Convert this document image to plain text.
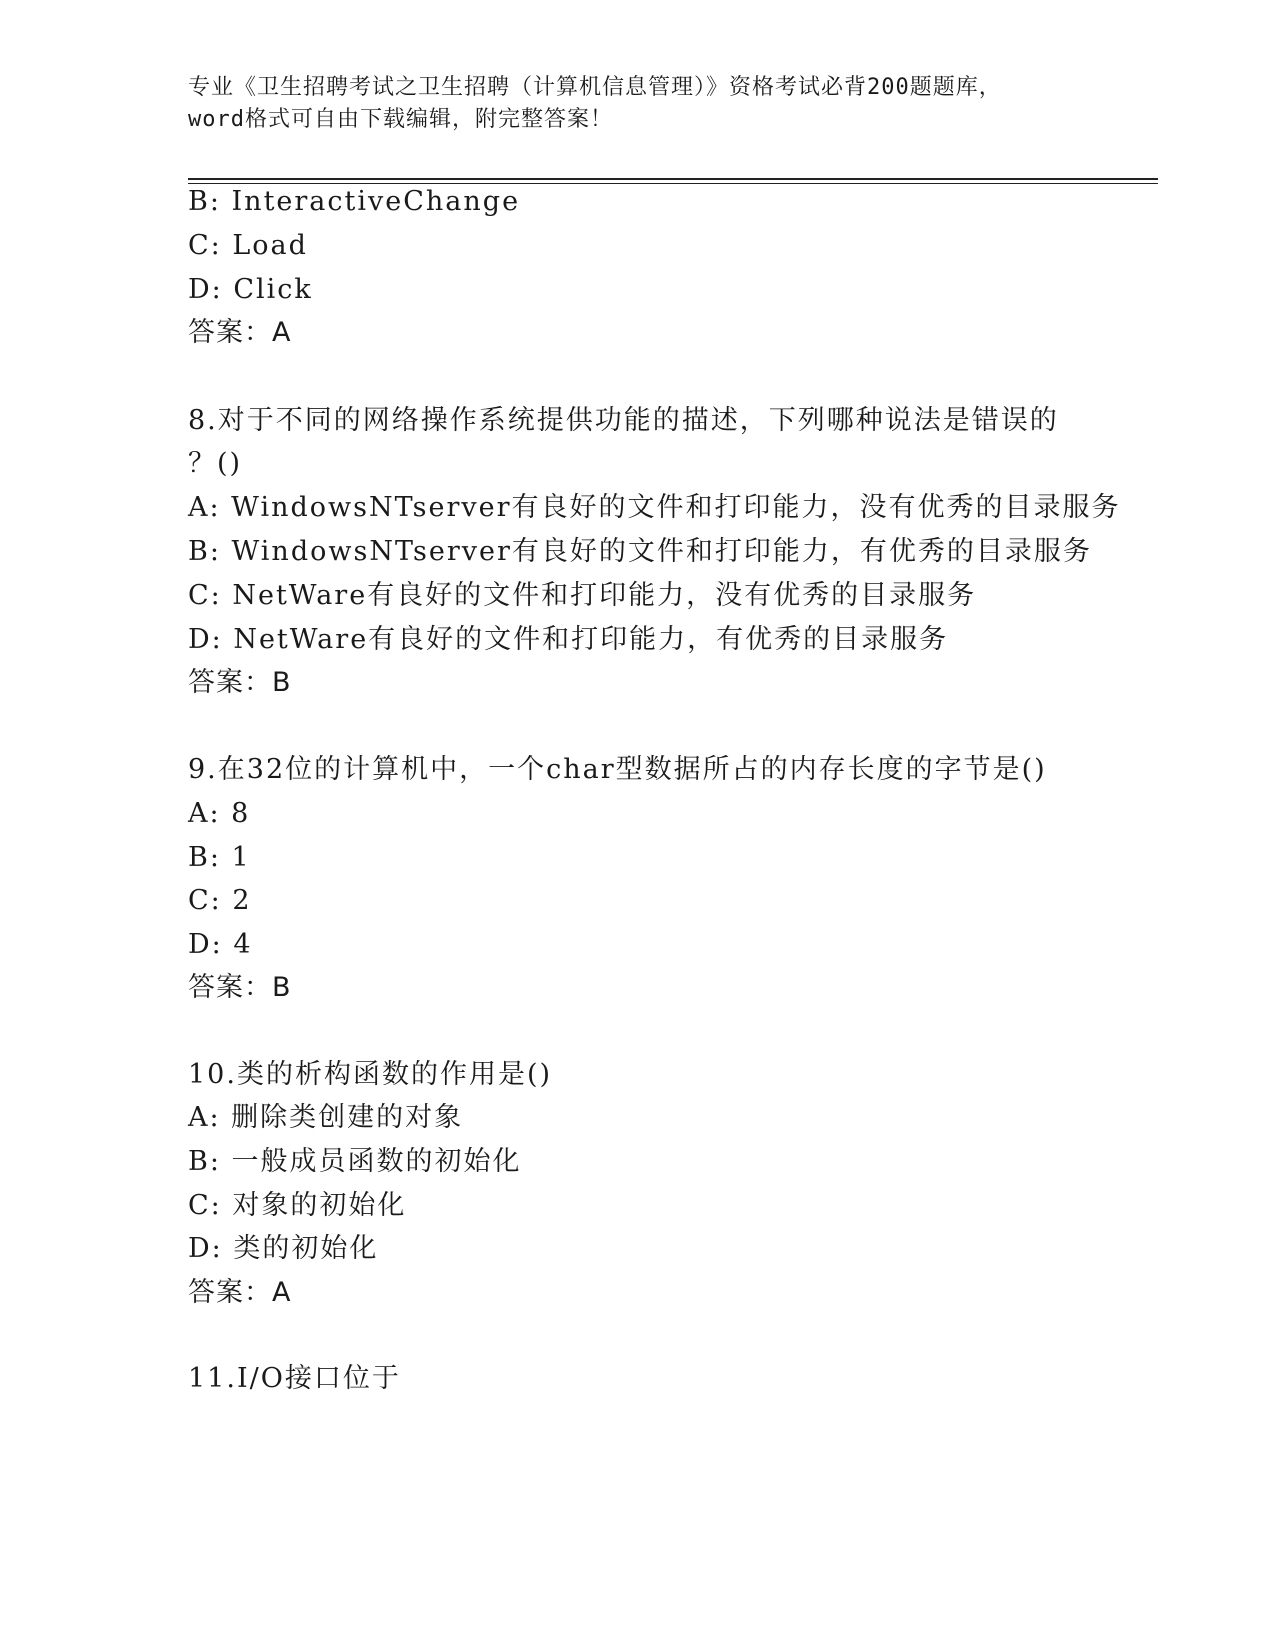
专业《卫生招聘考试之卫生招聘（计算机信息管理）》资格考试必背200题题库，
word格式可自由下载编辑，附完整答案！
B: InteractiveChange
C: Load
D: Click
答案：A
8.对于不同的网络操作系统提供功能的描述，下列哪种说法是错误的
？()
A: WindowsNTserver有良好的文件和打印能力，没有优秀的目录服务
B: WindowsNTserver有良好的文件和打印能力，有优秀的目录服务
C: NetWare有良好的文件和打印能力，没有优秀的目录服务
D: NetWare有良好的文件和打印能力，有优秀的目录服务
答案：B
9.在32位的计算机中，一个char型数据所占的内存长度的字节是()
A: 8
B: 1
C: 2
D: 4
答案：B
10.类的析构函数的作用是()
A: 删除类创建的对象
B: 一般成员函数的初始化
C: 对象的初始化
D: 类的初始化
答案：A
11.I/O接口位于
